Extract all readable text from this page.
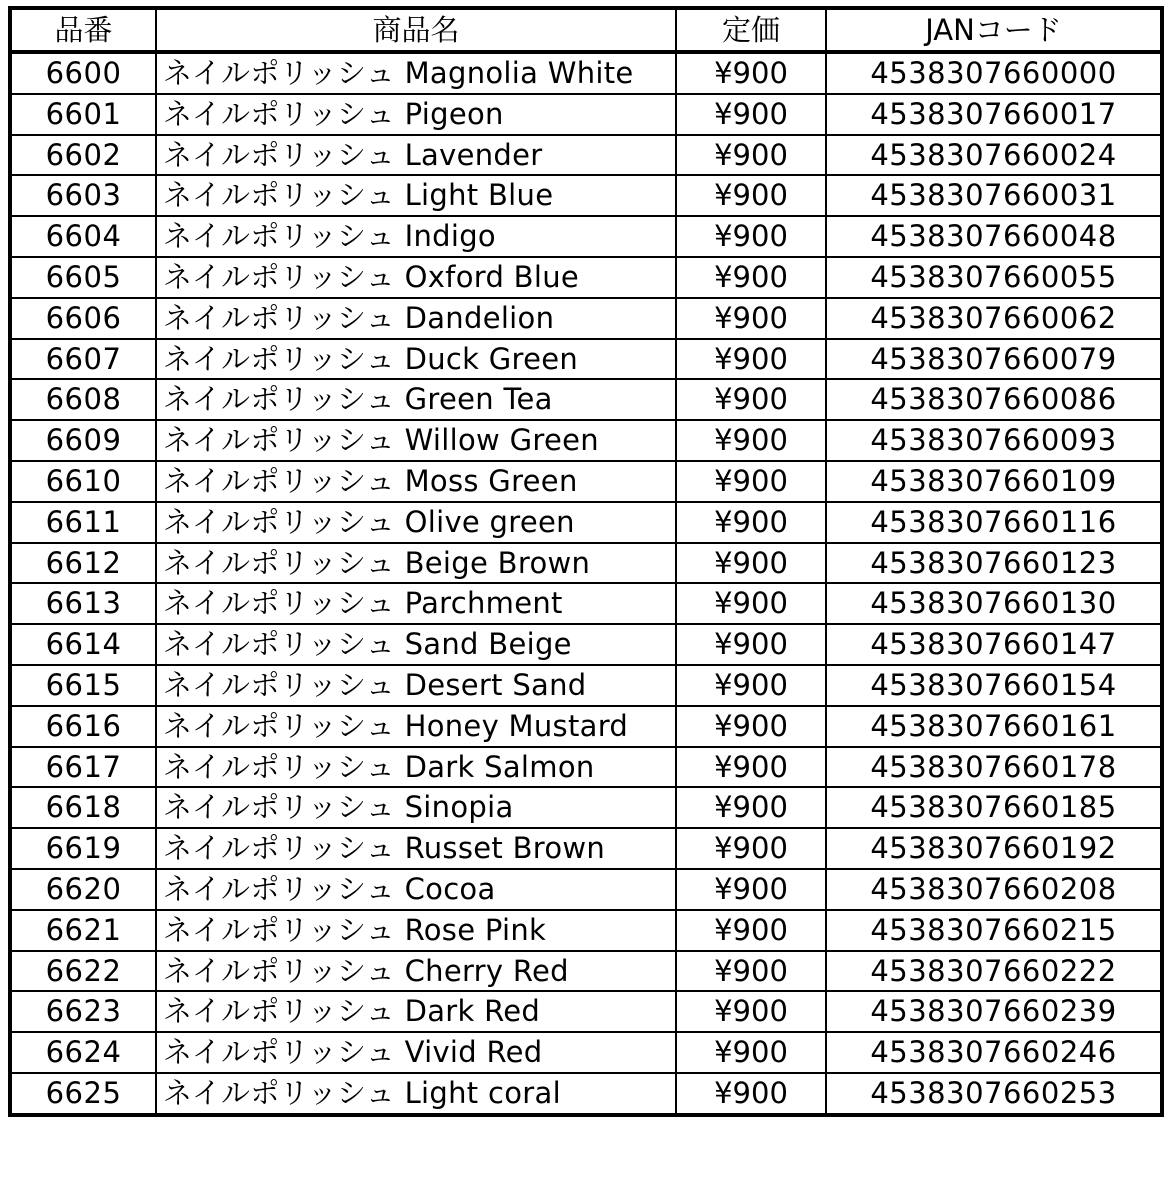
品番	商品名	定価	JANコード
6600	ネイルポリッシュ Magnolia White	¥900	4538307660000
6601	ネイルポリッシュ Pigeon	¥900	4538307660017
6602	ネイルポリッシュ Lavender	¥900	4538307660024
6603	ネイルポリッシュ Light Blue	¥900	4538307660031
6604	ネイルポリッシュ Indigo	¥900	4538307660048
6605	ネイルポリッシュ Oxford Blue	¥900	4538307660055
6606	ネイルポリッシュ Dandelion	¥900	4538307660062
6607	ネイルポリッシュ Duck Green	¥900	4538307660079
6608	ネイルポリッシュ Green Tea	¥900	4538307660086
6609	ネイルポリッシュ Willow Green	¥900	4538307660093
6610	ネイルポリッシュ Moss Green	¥900	4538307660109
6611	ネイルポリッシュ Olive green	¥900	4538307660116
6612	ネイルポリッシュ Beige Brown	¥900	4538307660123
6613	ネイルポリッシュ Parchment	¥900	4538307660130
6614	ネイルポリッシュ Sand Beige	¥900	4538307660147
6615	ネイルポリッシュ Desert Sand	¥900	4538307660154
6616	ネイルポリッシュ Honey Mustard	¥900	4538307660161
6617	ネイルポリッシュ Dark Salmon	¥900	4538307660178
6618	ネイルポリッシュ Sinopia	¥900	4538307660185
6619	ネイルポリッシュ Russet Brown	¥900	4538307660192
6620	ネイルポリッシュ Cocoa	¥900	4538307660208
6621	ネイルポリッシュ Rose Pink	¥900	4538307660215
6622	ネイルポリッシュ Cherry Red	¥900	4538307660222
6623	ネイルポリッシュ Dark Red	¥900	4538307660239
6624	ネイルポリッシュ Vivid Red	¥900	4538307660246
6625	ネイルポリッシュ Light coral	¥900	4538307660253
